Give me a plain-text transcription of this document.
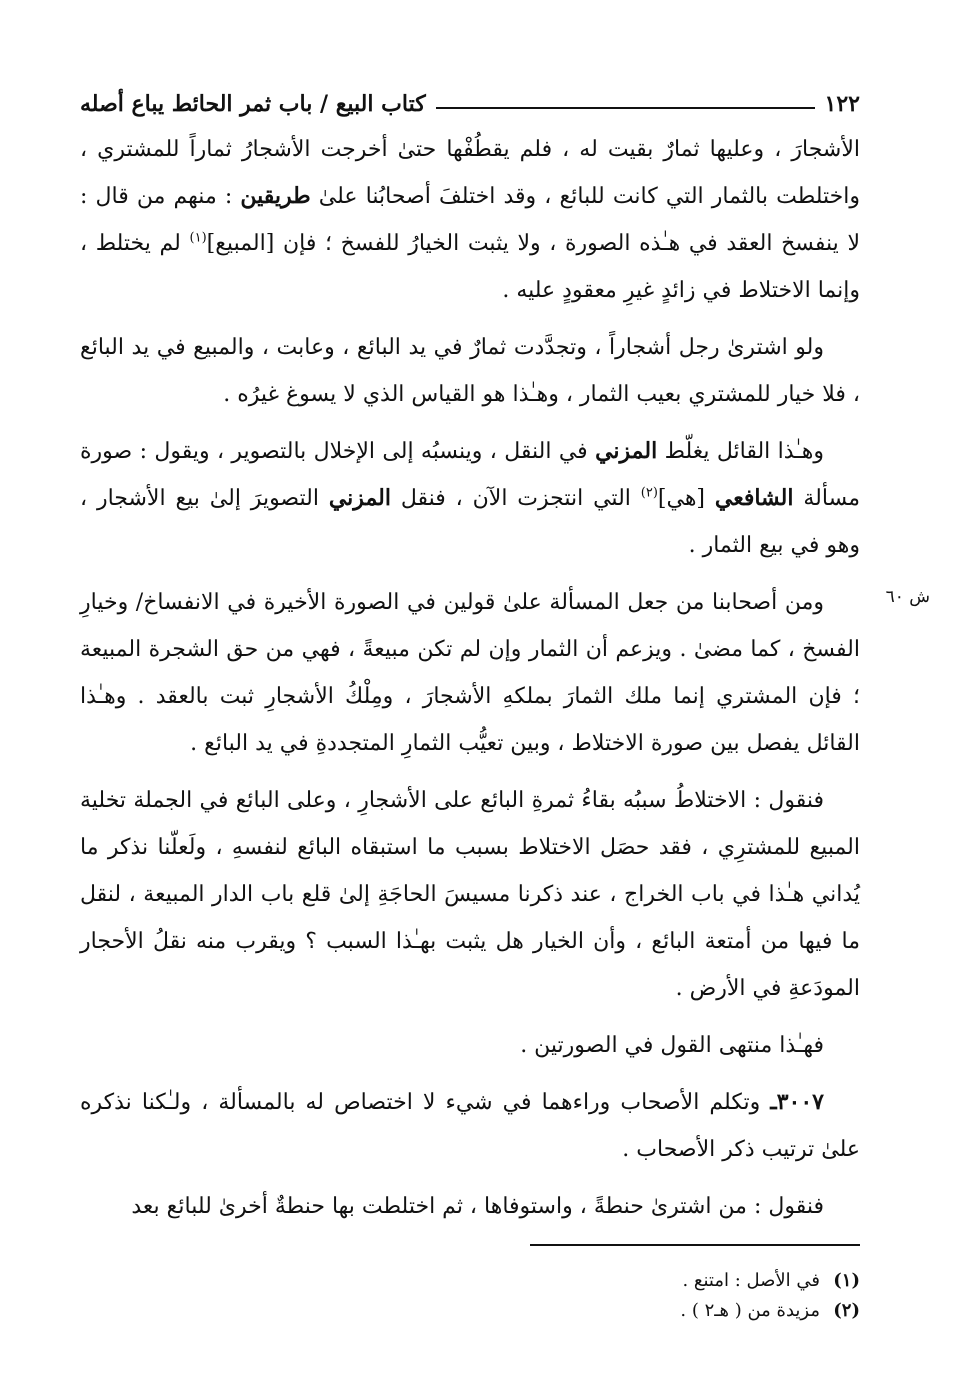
١٢٢
كتاب البيع / باب ثمر الحائط يباع أصله

الأشجارَ ، وعليها ثمارٌ بقيت له ، فلم يقطُفْها حتىٰ أخرجت الأشجارُ ثماراً للمشتري ، واختلطت بالثمار التي كانت للبائع ، وقد اختلفَ أصحابُنا علىٰ طريقين : منهم من قال : لا ينفسخ العقد في هـٰذه الصورة ، ولا يثبت الخيارُ للفسخ ؛ فإن [المبيع]$^{(١)}$ لم يختلط ، وإنما الاختلاط في زائدٍ غيرِ معقودٍ عليه .

ولو اشترىٰ رجل أشجاراً ، وتجدَّدت ثمارٌ في يد البائع ، وعابت ، والمبيع في يد البائع ، فلا خيار للمشتري بعيب الثمار ، وهـٰذا هو القياس الذي لا يسوغ غيرُه .

وهـٰذا القائل يغلّط المزني في النقل ، وينسبُه إلى الإخلال بالتصوير ، ويقول : صورة مسألة الشافعي [هي]$^{(٢)}$ التي انتجزت الآن ، فنقل المزني التصويرَ إلىٰ بيع الأشجار ، وهو في بيع الثمار .

ش ٦٠

ومن أصحابنا من جعل المسألة علىٰ قولين في الصورة الأخيرة في الانفساخ/ وخيارِ الفسخ ، كما مضىٰ . ويزعم أن الثمار وإن لم تكن مبيعةً ، فهي من حق الشجرة المبيعة ؛ فإن المشتري إنما ملك الثمارَ بملكهِ الأشجارَ ، ومِلْكُ الأشجارِ ثبت بالعقد . وهـٰذا القائل يفصل بين صورة الاختلاط ، وبين تعيُّب الثمارِ المتجددةِ في يد البائع .

فنقول : الاختلاطُ سببُه بقاءُ ثمرةِ البائع على الأشجارِ ، وعلى البائع في الجملة تخلية المبيع للمشترِي ، فقد حصَل الاختلاط بسبب ما استبقاه البائع لنفسهِ ، ولَعلّنا نذكر ما يُداني هـٰذا في باب الخراج ، عند ذكرنا مسيسَ الحاجَةِ إلىٰ قلع باب الدار المبيعة ، لنقل ما فيها من أمتعة البائع ، وأن الخيار هل يثبت بهـٰذا السبب ؟ ويقرب منه نقلُ الأحجار المودَعةِ في الأرض .

فهـٰذا منتهى القول في الصورتين .

٣٠٠٧ـ وتكلم الأصحاب وراءهما في شيء لا اختصاص له بالمسألة ، ولـٰكنا نذكره علىٰ ترتيب ذكر الأصحاب .

فنقول : من اشترىٰ حنطةً ، واستوفاها ، ثم اختلطت بها حنطةٌ أخرىٰ للبائع بعد

(١)في الأصل : امتنع .
(٢)مزيدة من ( هـ٢ ) .
